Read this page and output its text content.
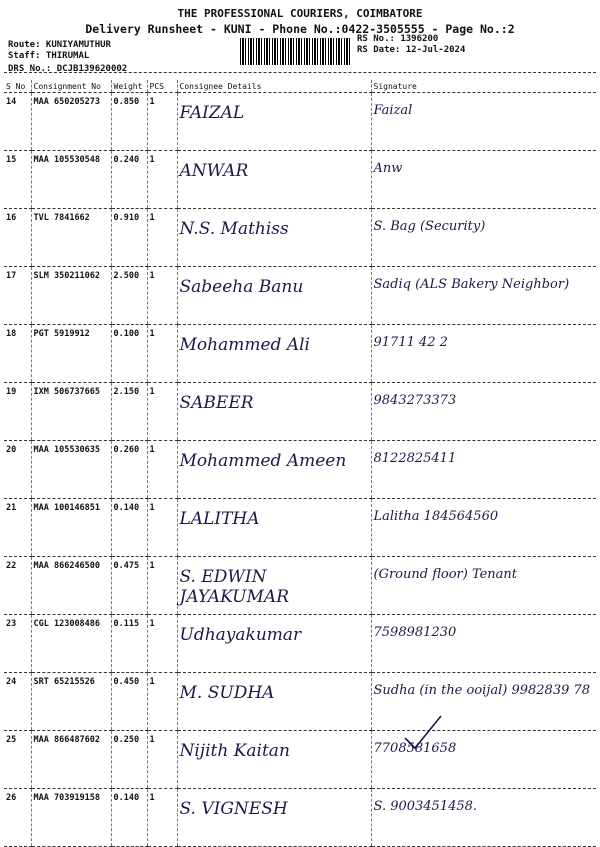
THE PROFESSIONAL COURIERS, COIMBATORE
Delivery Runsheet - KUNI - Phone No.:0422-3505555 - Page No.:2
Route: KUNIYAMUTHUR
Staff: THIRUMAL
DRS No.: DCJB139620002
RS No.: 1396200
RS Date: 12-Jul-2024
S No	Consignment No	Weight	PCS	Consignee Details	Signature
14	MAA 650205273	0.850	1	FAIZAL	Faizal
15	MAA 105530548	0.240	1	ANWAR	Anw
16	TVL 7841662	0.910	1	N.S. Mathiss	S. Bag (Security)
17	SLM 350211062	2.500	1	Sabeeha Banu	Sadiq (ALS Bakery Neighbor)
18	PGT 5919912	0.100	1	Mohammed Ali	91711 42 2
19	IXM 506737665	2.150	1	SABEER	9843273373
20	MAA 105530635	0.260	1	Mohammed Ameen	8122825411
21	MAA 100146851	0.140	1	LALITHA	Lalitha 184564560
22	MAA 866246500	0.475	1	S. EDWIN JAYAKUMAR	(Ground floor) Tenant
23	CGL 123008486	0.115	1	Udhayakumar	7598981230
24	SRT 65215526	0.450	1	M. SUDHA	Sudha (in the ooijal) 9982839 78
25	MAA 866487602	0.250	1	Nijith Kaitan	7708581658
26	MAA 703919158	0.140	1	S. VIGNESH	S. 9003451458.
